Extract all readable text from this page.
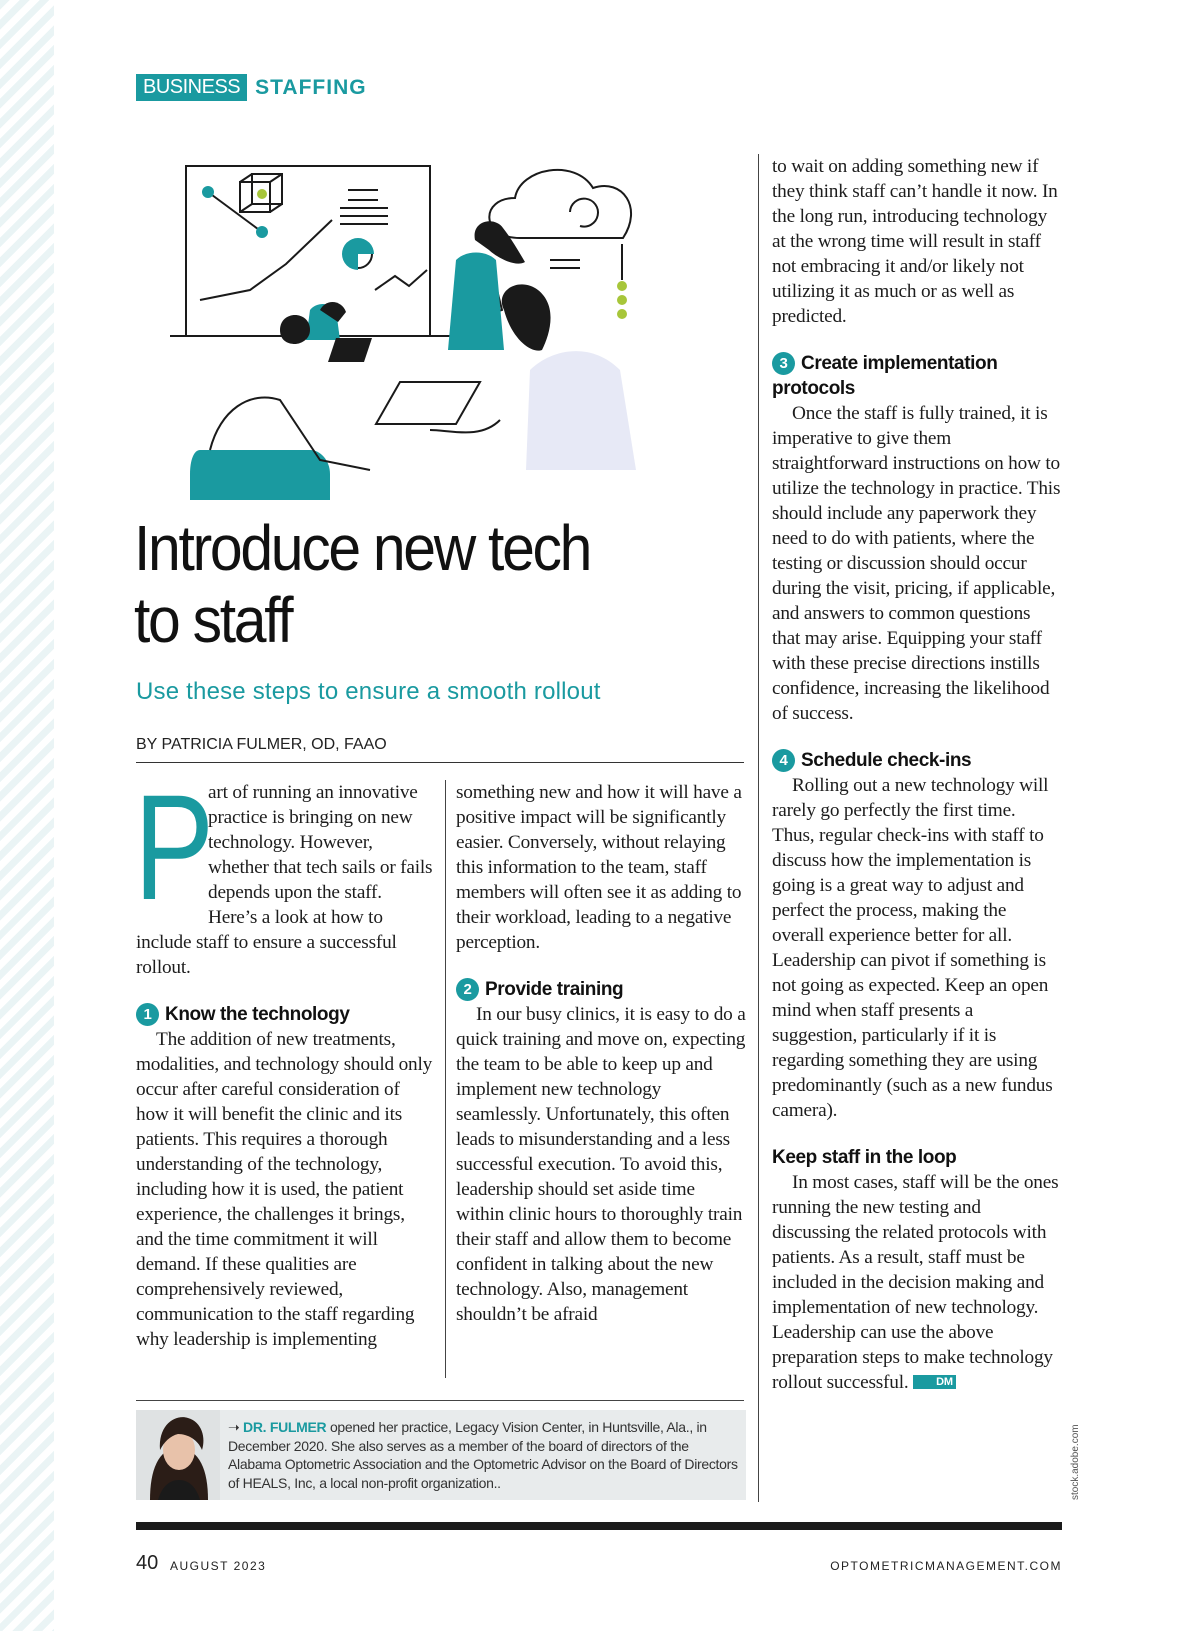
BUSINESS STAFFING
Introduce new tech
to staff
Use these steps to ensure a smooth rollout
BY PATRICIA FULMER, OD, FAAO

P
art of running an innovative practice is bringing on new technology. However, whether that tech sails or fails depends upon the staff. Here’s a look at how to include staff to ensure a successful rollout.

1 Know the technology

The addition of new treatments, modalities, and technology should only occur after careful consideration of how it will benefit the clinic and its patients. This requires a thorough understanding of the technology, including how it is used, the patient experience, the challenges it brings, and the time commitment it will demand. If these qualities are comprehensively reviewed, communication to the staff regarding why leadership is implementing

something new and how it will have a positive impact will be significantly easier. Conversely, without relaying this information to the team, staff members will often see it as adding to their workload, leading to a negative perception.

2 Provide training

In our busy clinics, it is easy to do a quick training and move on, expecting the team to be able to keep up and implement new technology seamlessly. Unfortunately, this often leads to misunderstanding and a less successful execution. To avoid this, leadership should set aside time within clinic hours to thoroughly train their staff and allow them to become confident in talking about the new technology. Also, management shouldn’t be afraid

to wait on adding something new if they think staff can’t handle it now. In the long run, introducing technology at the wrong time will result in staff not embracing it and/or likely not utilizing it as much or as well as predicted.

3 Create implementation protocols

Once the staff is fully trained, it is imperative to give them straightforward instructions on how to utilize the technology in practice. This should include any paperwork they need to do with patients, where the testing or discussion should occur during the visit, pricing, if applicable, and answers to common questions that may arise. Equipping your staff with these precise directions instills confidence, increasing the likelihood of success.

4 Schedule check-ins

Rolling out a new technology will rarely go perfectly the first time. Thus, regular check-ins with staff to discuss how the implementation is going is a great way to adjust and perfect the process, making the overall experience better for all. Leadership can pivot if something is not going as expected. Keep an open mind when staff presents a suggestion, particularly if it is regarding something they are using predominantly (such as a new fundus camera).

Keep staff in the loop

In most cases, staff will be the ones running the new testing and discussing the related protocols with patients. As a result, staff must be included in the decision making and implementation of new technology. Leadership can use the above preparation steps to make technology rollout successful.	DM

➝ DR. FULMER opened her practice, Legacy Vision Center, in Huntsville, Ala., in December 2020. She also serves as a member of the board of directors of the Alabama Optometric Association and the Optometric Advisor on the Board of Directors of HEALS, Inc, a local non-profit organization..	stock.adobe.com
40 AUGUST 2023	OPTOMETRICMANAGEMENT.COM
